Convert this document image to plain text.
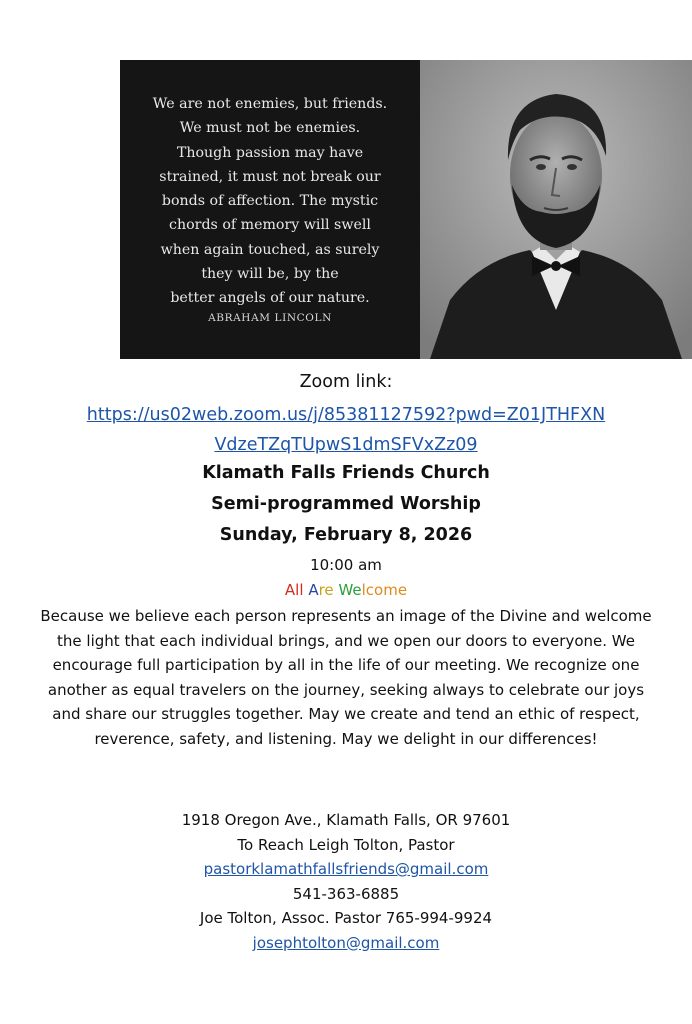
We are not enemies, but friends.
We must not be enemies.
Though passion may have
strained, it must not break our
bonds of affection. The mystic
chords of memory will swell
when again touched, as surely
they will be, by the
better angels of our nature.
ABRAHAM LINCOLN
Zoom link:
https://us02web.zoom.us/j/85381127592?pwd=Z01JTHFXN
VdzeTZqTUpwS1dmSFVxZz09
Klamath Falls Friends Church
Semi-programmed Worship
Sunday, February 8, 2026
10:00 am
All Are Welcome
Because we believe each person represents an image of the Divine and welcome the light that each individual brings, and we open our doors to everyone. We encourage full participation by all in the life of our meeting. We recognize one another as equal travelers on the journey, seeking always to celebrate our joys and share our struggles together. May we create and tend an ethic of respect, reverence, safety, and listening. May we delight in our differences!
1918 Oregon Ave., Klamath Falls, OR 97601
To Reach Leigh Tolton, Pastor
pastorklamathfallsfriends@gmail.com
541-363-6885
Joe Tolton, Assoc. Pastor 765-994-9924
josephtolton@gmail.com
